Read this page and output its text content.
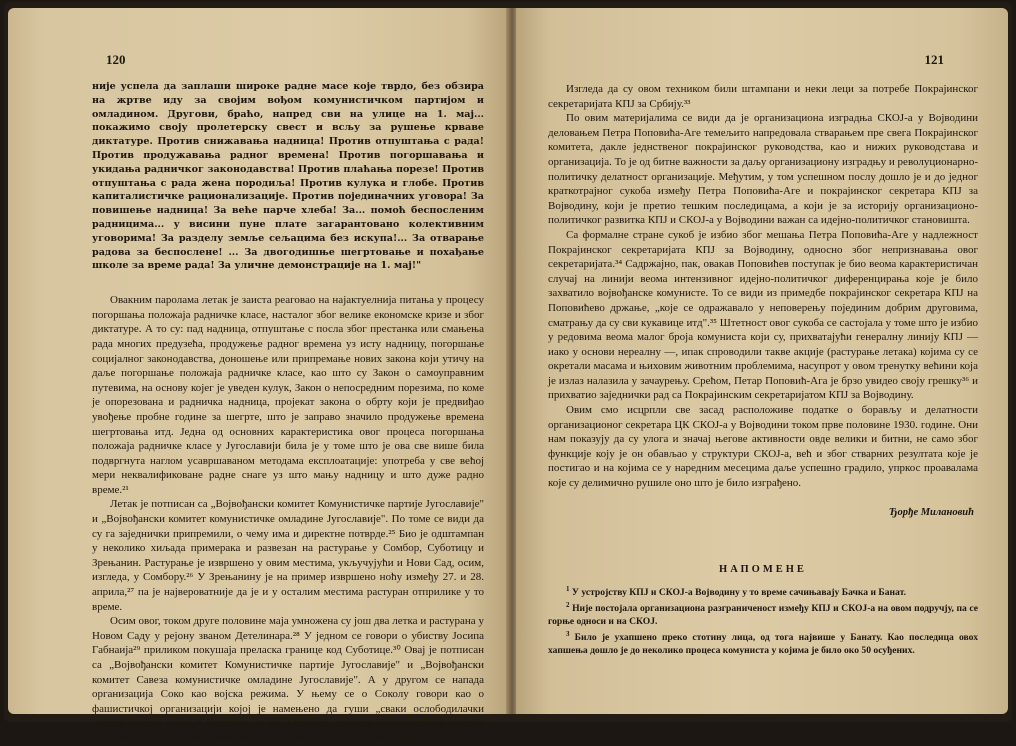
120

није успела да заплаши широке радне масе које тврдо, без обзира на жртве иду за својим вођом комунистичком партијом и омладином. Другови, браћо, напред сви на улице на 1. мај... покажимо своју пролетерску свест и всљу за рушење крваве диктатуре. Против снижавања надница! Против отпуштања с рада! Против продужавања радног времена! Против погоршавања и укидања радничког законодавства! Против плаћања порезе! Против отпуштања с рада жена породиља! Против кулука и глобе. Против капиталистичке рационализације. Против појединачних уговора! За повишење надница! За веће парче хлеба! За... помоћ беспосленим радницима... у висини пуне плате загарантовано колективним уговорима! За разделу земље сељацима без искупа!... За отварање радова за беспослене! ... За двогодишње шегртовање и похађање школе за време рада! За уличне демонстрације на 1. мај!"

Овакним паролама летак је заиста реаговао на најактуелнија питања у процесу погоршања положаја радничке класе, насталог због велике економске кризе и због диктатуре. А то су: пад надница, отпуштање с посла због престанка или смањења рада многих предузећа, продужење радног времена уз исту надницу, погоршање социјалног законодавства, доношење или припремање нових закона који утичу на даље погоршање положаја радничке класе, као што су Закон о самоуправним путевима, на основу којег је уведен кулук, Закон о непосредним порезима, по коме је опорезована и радничка надница, пројекат закона о обрту који је предвиђао увођење пробне године за шегрте, што је заправо значило продужење времена шегртовања итд. Једна од основних карактеристика овог процеса погоршања положаја радничке класе у Југославији била је у томе што је ова све више била подвргнута наглом усавршаваном методама експлоатације: употреба у све већој мери неквалификоване радне снаге уз што мању надницу и што дуже радно време.²¹

Летак је потписан са „Војвођански комитет Комунистичке партије Југославије" и „Војвођански комитет комунистичке омладине Југославије". По томе се види да су га заједнички припремили, о чему има и директне потврде.²⁵ Био је одштампан у неколико хиљада примерака и развезан на растурање у Сомбор, Суботицу и Зрењанин. Растурање је извршено у овим местима, укључујући и Нови Сад, осим, изгледа, у Сомбору.²⁶ У Зрењанину је на пример извршено ноћу између 27. и 28. априла,²⁷ па је највероватније да је и у осталим местима растуран отприлике у то време.

Осим овог, током друге половине маја умножена су још два летка и растурана у Новом Саду у рејону званом Детелинара.²⁸ У једном се говори о убиству Јосипа Габнаија²⁹ приликом покушаја преласка границе код Суботице.³⁰ Овај је потписан са „Војвођански комитет Комунистичке партије Југославије" и „Војвођански комитет Савеза комунистичке омладине Југославије". А у другом се напада организација Соко као војска режима. У њему се о Соколу говори као о фашистичкој организацији којој је намењено да гуши „сваки ослободилачки покрет радних маса".³¹ Потписан је са „Окружни комитет Комунистичке партије Југославије" и „Окружни комитет комунистичке омладине Југославије".³²

121

Изгледа да су овом техником били штампани и неки леци за потребе Покрајинског секретаријата КПЈ за Србију.³³

По овим материјалима се види да је организациона изградња СКОЈ-а у Војводини деловањем Петра Поповића-Аге темељито напредовала стварањем пре свега Покрајинског комитета, дакле једнственог покрајинског руководства, као и нижих руководстава и организација. То је од битне важности за даљу организациону изградњу и револуционарно-политичку делатност организације. Међутим, у том успешном послу дошло је и до једног краткотрајног сукоба између Петра Поповића-Аге и покрајинског секретара КПЈ за Војводину, који је претио тешким последицама, а који је за историју организационо-политичког развитка КПЈ и СКОЈ-а у Војводини важан са идејно-политичког становишта.

Са формалне стране сукоб је избио због мешања Петра Поповића-Аге у надлежност Покрајинског секретаријата КПЈ за Војводину, односно због непризнавања овог секретаријата.³⁴ Садржајно, пак, овакав Поповићев поступак је био веома карактеристичан случај на линији веома интензивног идејно-политичког диференцирања које је било захватило војвођанске комунисте. То се види из примедбе покрајинског секретара КПЈ на Поповићево држање, „које се одражавало у неповерењу појединим добрим друговима, сматрању да су сви кукавице итд".³⁵ Штетност овог сукоба се састојала у томе што је избио у редовима веома малог броја комуниста који су, прихватајући генералну линију КПЈ — иако у основи нереалну —, ипак спроводили такве акције (растурање летака) којима су се окретали масама и њиховим животним проблемима, насупрот у овом тренутку већини која је излаз налазила у зачаурењу. Срећом, Петар Поповић-Ага је брзо увидео своју грешку³⁶ и прихватио заједнички рад са Покрајинским секретаријатом КПЈ за Војводину.

Овим смо исцрпли све засад расположиве податке о борављу и делатности организационог секретара ЦК СКОЈ-а у Војводини током прве половине 1930. године. Они нам показују да су улога и значај његове активности овде велики и битни, не само због функције коју је он обављао у структури СКОЈ-а, већ и због стварних резултата које је постигао и на којима се у наредним месецима даље успешно градило, упркос проавалама које су делимично рушиле оно што је било изграђено.

Ђорђе Милановић
НАПОМЕНЕ

$^1$ У устројству КПЈ и СКОЈ-а Војводину у то време сачињавају Бачка и Банат.

$^2$ Није постојала организациона разграниченост између КПЈ и СКОЈ-а на овом подручју, па се горње односи и на СКОЈ.

$^3$ Било је ухапшено преко стотину лица, од тога највише у Банату. Као последица овох хапшења дошло је до неколико процеса комуниста у којима је било око 50 осуђених.
